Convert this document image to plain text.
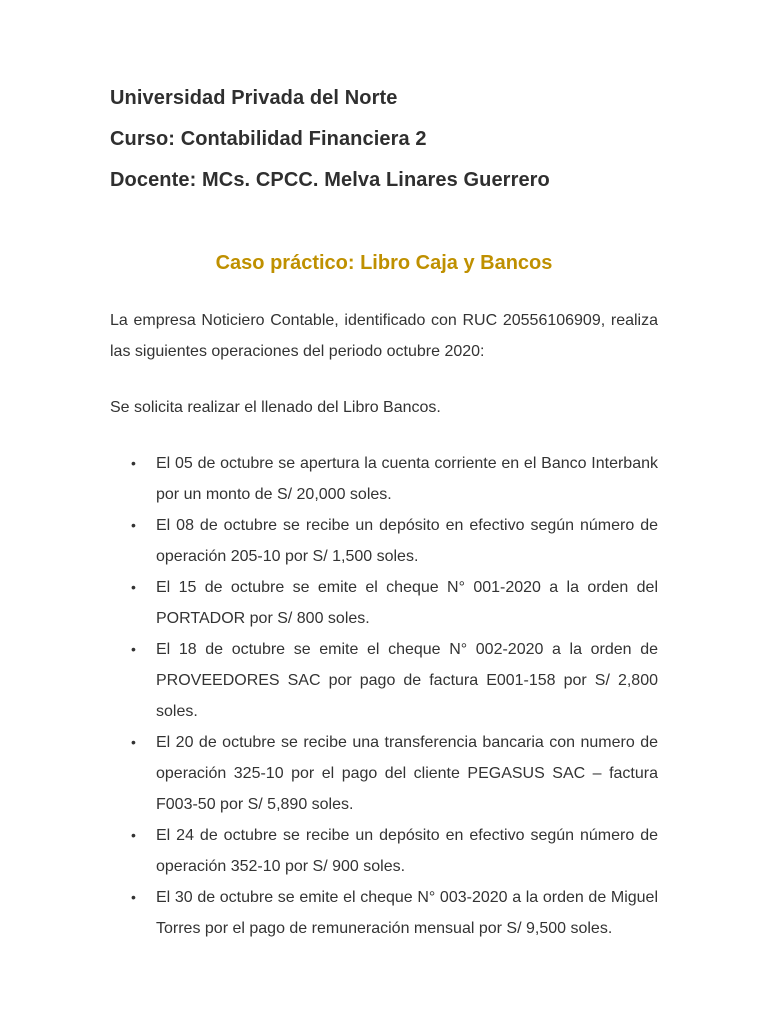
Universidad Privada del Norte
Curso: Contabilidad Financiera 2
Docente: MCs. CPCC. Melva Linares Guerrero
Caso práctico: Libro Caja y Bancos
La empresa Noticiero Contable, identificado con RUC 20556106909, realiza las siguientes operaciones del periodo octubre 2020:
Se solicita realizar el llenado del Libro Bancos.
• El 05 de octubre se apertura la cuenta corriente en el Banco Interbank por un monto de S/ 20,000 soles.
• El 08 de octubre se recibe un depósito en efectivo según número de operación 205-10 por S/ 1,500 soles.
• El 15 de octubre se emite el cheque N° 001-2020 a la orden del PORTADOR por S/ 800 soles.
• El 18 de octubre se emite el cheque N° 002-2020 a la orden de PROVEEDORES SAC por pago de factura E001-158 por S/ 2,800 soles.
• El 20 de octubre se recibe una transferencia bancaria con numero de operación 325-10 por el pago del cliente PEGASUS SAC – factura F003-50 por S/ 5,890 soles.
• El 24 de octubre se recibe un depósito en efectivo según número de operación 352-10 por S/ 900 soles.
• El 30 de octubre se emite el cheque N° 003-2020 a la orden de Miguel Torres por el pago de remuneración mensual por S/ 9,500 soles.
